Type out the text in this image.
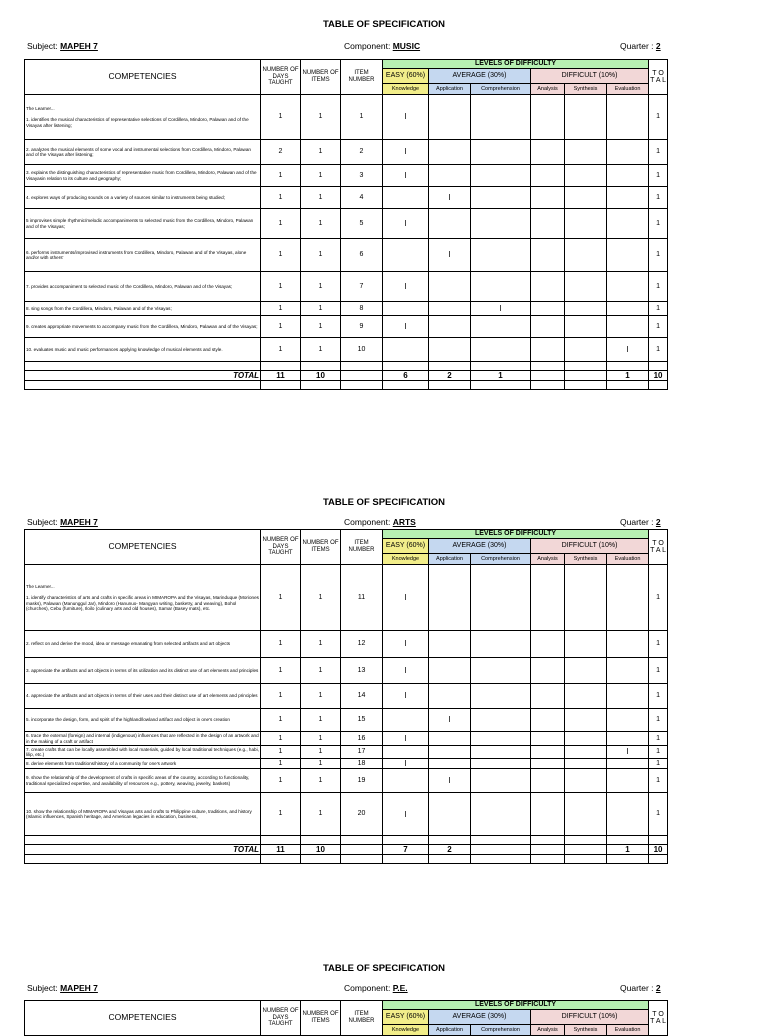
TABLE OF SPECIFICATION
Subject: MAPEH 7	Component: MUSIC	Quarter : 2
COMPETENCIES	NUMBER OF DAYS TAUGHT	NUMBER OF ITEMS	ITEM NUMBER	LEVELS OF DIFFICULTY						T O T A L
				EASY (60%)	AVERAGE (30%)		DIFFICULT (10%)			
				Knowledge	Application	Comprehension	Analysis	Synthesis	Evaluation	

The Learner...
1. identifies the musical characteristics of representative selections of Cordillera, Mindoro, Palawan and of the Visayas after listening;	1	1	1	I						1

2. analyzes the musical elements of some vocal and instrumental selections from Cordillera, Mindoro, Palawan and of the Visayas after listening;	2	1	2	I						1

3. explains the distinguishing characteristics of representative music from Cordillera, Mindoro, Palawan and of the Visayasin relation to its culture and geography;	1	1	3	I						1

4. explores ways of producing sounds on a variety of sources similar to instruments being studied;	1	1	4		I					1

5 improvises simple rhythmic/melodic accompaniments to selected music from the Cordillera, Mindoro, Palawan and of the Visayas;	1	1	5	I						1

6. performs instruments/improvised instruments from Cordillera, Mindoro, Palawan and of the Visayas, alone and/or with others'	1	1	6		I					1

7. provides accompaniment to selected music of the Cordillera, Mindoro, Palawan and of the Visayas;	1	1	7	I						1

8. sing songs from the Cordillera, Mindoro, Palawan and of the Visayas;	1	1	8			I				1

9. creates appropriate movements to accompany music from the Cordillera, Mindoro, Palawan and of the Visayas;	1	1	9	I						1

10. evaluates music and music performances applying knowledge of musical elements and style.	1	1	10						I	1

TOTAL	11	10		6	2	1			1	10

TABLE OF SPECIFICATION
Subject: MAPEH 7	Component: ARTS	Quarter : 2
COMPETENCIES	NUMBER OF DAYS TAUGHT	NUMBER OF ITEMS	ITEM NUMBER	LEVELS OF DIFFICULTY						T O T A L
				EASY (60%)	AVERAGE (30%)		DIFFICULT (10%)			
				Knowledge	Application	Comprehension	Analysis	Synthesis	Evaluation	

The Learner...
1. identify characteristics of arts and crafts in specific areas in MIMAROPA and the Visayas, Marinduque (Moriones masks), Palawan (Manunggul Jar), Mindoro (Hanunuo- Mangyan writing, basketry, and weaving), Bohol (churches), Cebu (furniture), Iloilo (culinary arts and old houses), Samar (Basey mats), etc.	1	1	11	I						1

2. reflect on and derive the mood, idea or message emanating from selected artifacts and art objects	1	1	12	I						1

3. appreciate the artifacts and art objects in terms of its utilization and its distinct use of art elements and principles	1	1	13	I						1

4. appreciate the artifacts and art objects in terms of their uses and their distinct use of art elements and principles	1	1	14	I						1

5. incorporate the design, form, and spirit of the highland/lowland artifact and object in one's creation	1	1	15		I					1

6. trace the external (foreign) and internal (indigenous) influences that are reflected in the design of an artwork and in the making of a craft or artifact	1	1	16	I						1

7. create crafts that can be locally assembled with local materials, guided by local traditional techniques (e.g., habi, lilip, etc.)	1	1	17						I	1

8. derive elements from traditions/history of a community for one's artwork	1	1	18	I						1

9. show the relationship of the development of crafts in specific areas of the country, according to functionality, traditional specialized expertise, and availability of resources e.g., pottery, weaving, jewelry, baskets)	1	1	19		I					1

10. show the relationship of MIMAROPA and Visayas arts and crafts to Philippine culture, traditions, and history (Islamic influences, Spanish heritage, and American legacies in education, business,	1	1	20	I						1

TOTAL	11	10		7	2				1	10

TABLE OF SPECIFICATION
Subject: MAPEH 7	Component: P.E.	Quarter : 2
COMPETENCIES	NUMBER OF DAYS TAUGHT	NUMBER OF ITEMS	ITEM NUMBER	LEVELS OF DIFFICULTY						T O T A L
				EASY (60%)	AVERAGE (30%)		DIFFICULT (10%)			
				Knowledge	Application	Comprehension	Analysis	Synthesis	Evaluation	
